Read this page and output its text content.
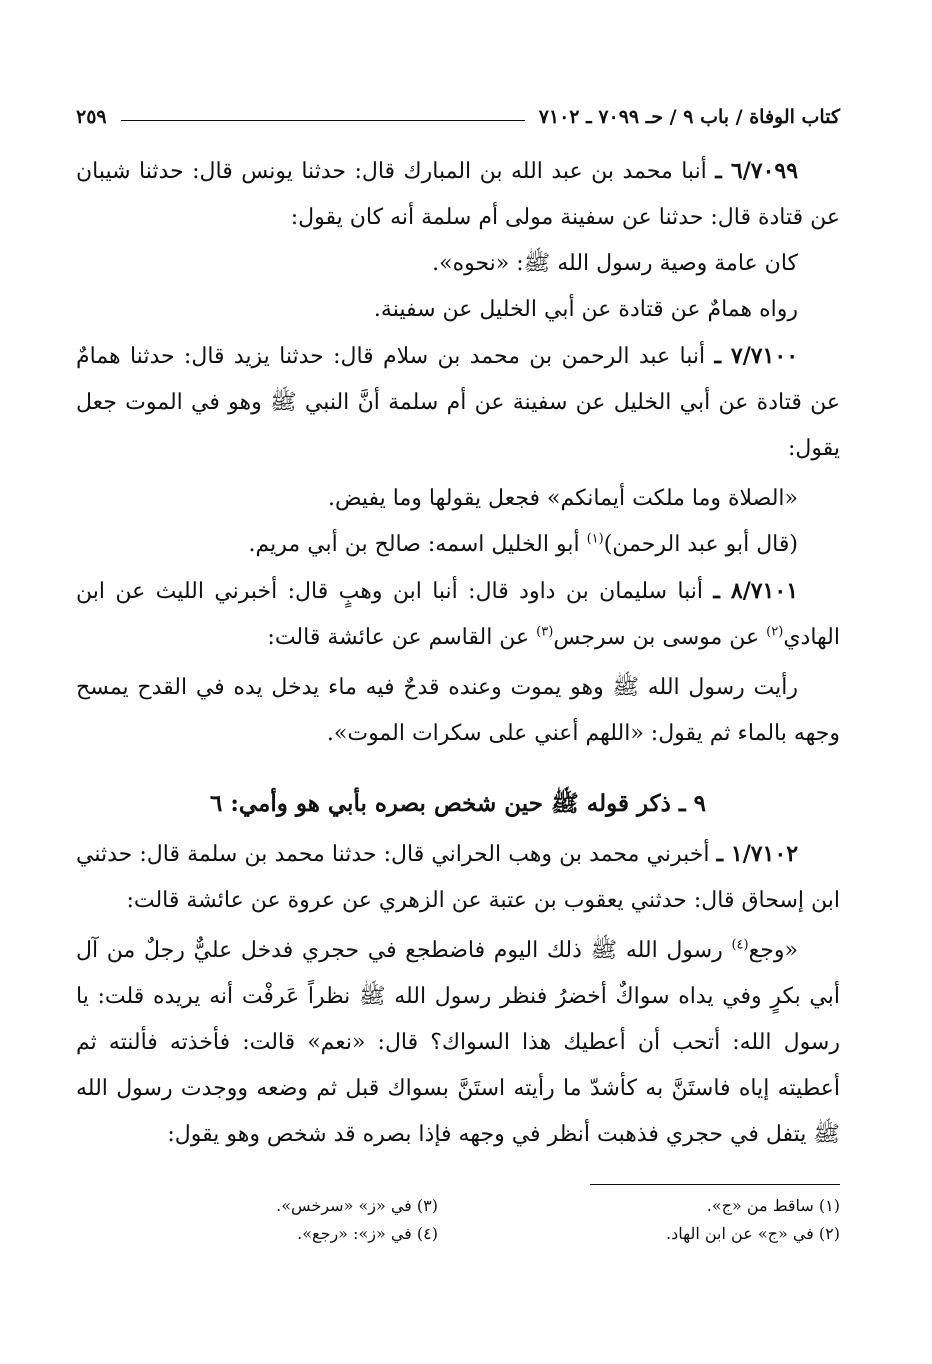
كتاب الوفاة / باب ٩ / حـ ٧٠٩٩ ـ ٧١٠٢
٢٥٩

٦/٧٠٩٩ ـ أنبا محمد بن عبد الله بن المبارك قال: حدثنا يونس قال: حدثنا شيبان عن قتادة قال: حدثنا عن سفينة مولى أم سلمة أنه كان يقول:

كان عامة وصية رسول الله ﷺ: «نحوه».

رواه همامٌ عن قتادة عن أبي الخليل عن سفينة.

٧/٧١٠٠ ـ أنبا عبد الرحمن بن محمد بن سلام قال: حدثنا يزيد قال: حدثنا همامٌ عن قتادة عن أبي الخليل عن سفينة عن أم سلمة أنَّ النبي ﷺ وهو في الموت جعل يقول:

«الصلاة وما ملكت أيمانكم» فجعل يقولها وما يفيض.

(قال أبو عبد الرحمن)$^{(١)}$ أبو الخليل اسمه: صالح بن أبي مريم.

٨/٧١٠١ ـ أنبا سليمان بن داود قال: أنبا ابن وهبٍ قال: أخبرني الليث عن ابن الهادي$^{(٢)}$ عن موسى بن سرجس$^{(٣)}$ عن القاسم عن عائشة قالت:

رأيت رسول الله ﷺ وهو يموت وعنده قدحٌ فيه ماء يدخل يده في القدح يمسح وجهه بالماء ثم يقول: «اللهم أعني على سكرات الموت».

٩ ـ ذكر قوله ﷺ حين شخص بصره بأبي هو وأمي: ٦

١/٧١٠٢ ـ أخبرني محمد بن وهب الحراني قال: حدثنا محمد بن سلمة قال: حدثني ابن إسحاق قال: حدثني يعقوب بن عتبة عن الزهري عن عروة عن عائشة قالت:

«وجع$^{(٤)}$ رسول الله ﷺ ذلك اليوم فاضطجع في حجري فدخل عليٌّ رجلٌ من آل أبي بكرٍ وفي يداه سواكٌ أخضرُ فنظر رسول الله ﷺ نظراً عَرفْت أنه يريده قلت: يا رسول الله: أتحب أن أعطيك هذا السواك؟ قال: «نعم» قالت: فأخذته فألنته ثم أعطيته إياه فاستَنَّ به كأشدّ ما رأيته استَنَّ بسواك قبل ثم وضعه ووجدت رسول الله ﷺ يتفل في حجري فذهبت أنظر في وجهه فإذا بصره قد شخص وهو يقول:

(١) ساقط من «ج».
(٣) في «ز» «سرخس».
(٢) في «ج» عن ابن الهاد.
(٤) في «ز»: «رجع».
